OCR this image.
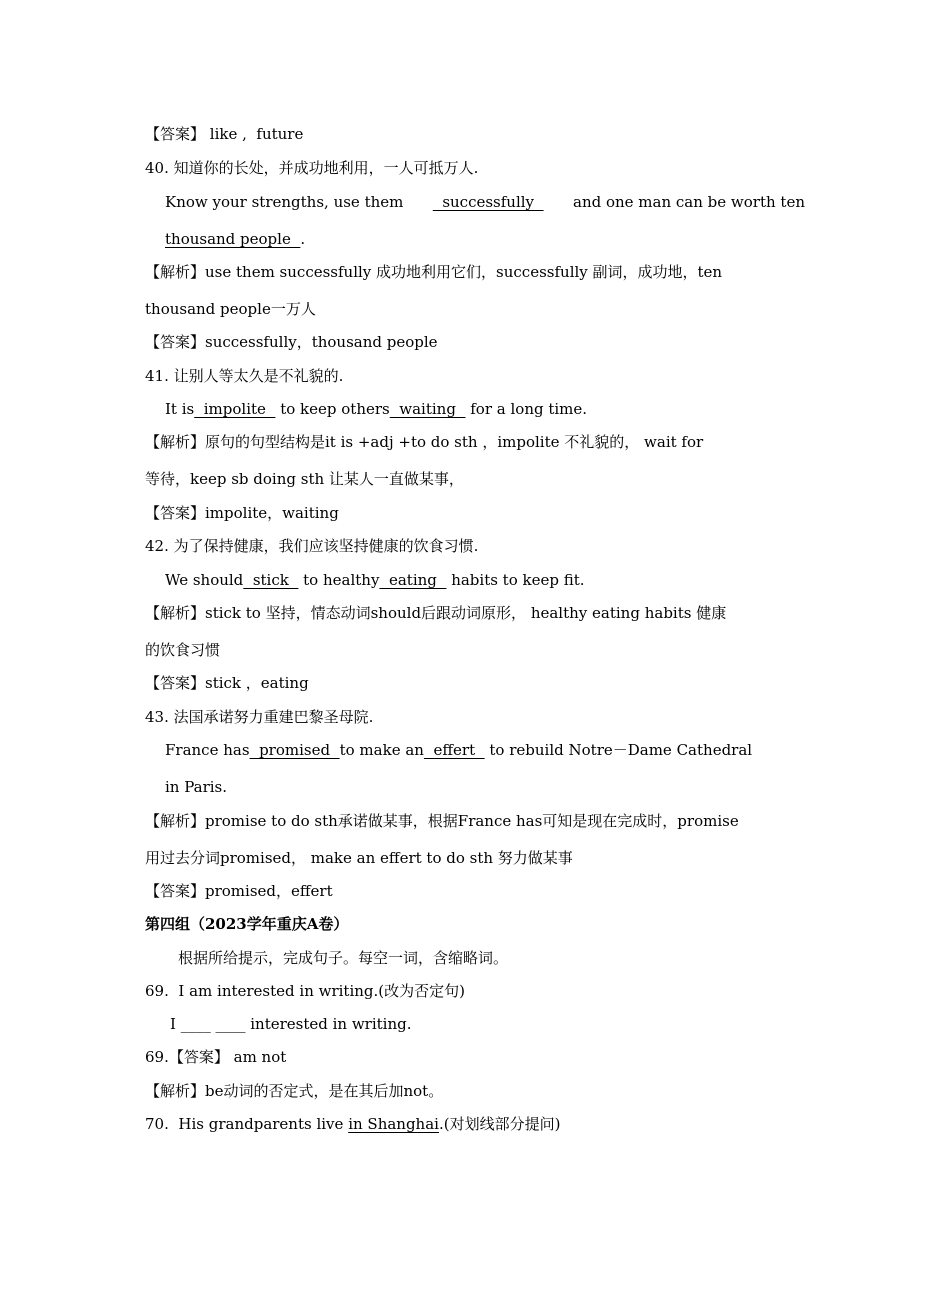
【答案】 like ,  future
40. 知道你的长处，并成功地利用，一人可抵万人.
Know your strengths, use them successfully and one man can be worth ten
thousand people  .
【解析】use them successfully 成功地利用它们，successfully 副词，成功地，ten
thousand people一万人
【答案】successfully，thousand people
41. 让别人等太久是不礼貌的.
It is  impolite   to keep others  waiting   for a long time.
【解析】原句的句型结构是it is +adj +to do sth ，impolite 不礼貌的， wait for
等待，keep sb doing sth 让某人一直做某事，
【答案】impolite，waiting
42. 为了保持健康，我们应该坚持健康的饮食习惯.
We should  stick   to healthy  eating   habits to keep fit.
【解析】stick to 坚持，情态动词should后跟动词原形， healthy eating habits 健康
的饮食习惯
【答案】stick ，eating
43. 法国承诺努力重建巴黎圣母院.
France has  promised  to make an  effert   to rebuild Notre－Dame Cathedral
in Paris.
【解析】promise to do sth承诺做某事，根据France has可知是现在完成时，promise
用过去分词promised， make an effert to do sth 努力做某事
【答案】promised，effert
第四组（2023学年重庆A卷）
根据所给提示，完成句子。每空一词，含缩略词。
69.  I am interested in writing.(改为否定句)
I ____ ____ interested in writing.
69.【答案】 am not
【解析】be动词的否定式，是在其后加not。
70.  His grandparents live in Shanghai.(对划线部分提问)
